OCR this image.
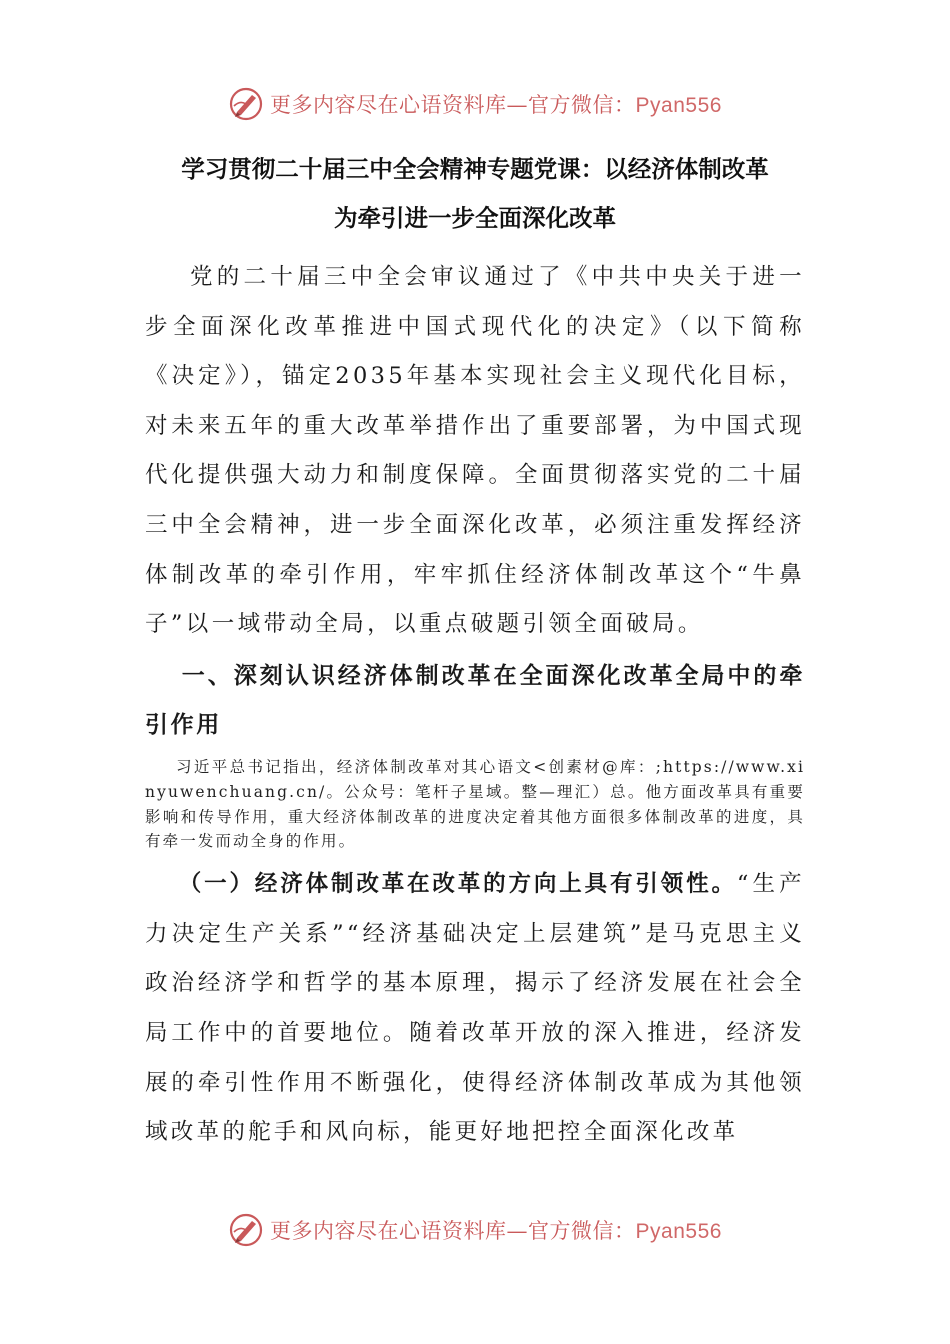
更多内容尽在心语资料库—官方微信：Pyan556
学习贯彻二十届三中全会精神专题党课：以经济体制改革
为牵引进一步全面深化改革

党的二十届三中全会审议通过了《中共中央关于进一步全面深化改革推进中国式现代化的决定》（以下简称《决定》），锚定2035年基本实现社会主义现代化目标，对未来五年的重大改革举措作出了重要部署，为中国式现代化提供强大动力和制度保障。全面贯彻落实党的二十届三中全会精神，进一步全面深化改革，必须注重发挥经济体制改革的牵引作用，牢牢抓住经济体制改革这个“牛鼻子”以一域带动全局，以重点破题引领全面破局。

一、深刻认识经济体制改革在全面深化改革全局中的牵引作用

习近平总书记指出，经济体制改革对其心语文<创素材@库：;https://www.xinyuwenchuang.cn/。公众号：笔杆子星域。整—理汇）总。他方面改革具有重要影响和传导作用，重大经济体制改革的进度决定着其他方面很多体制改革的进度，具有牵一发而动全身的作用。

（一）经济体制改革在改革的方向上具有引领性。“生产力决定生产关系”“经济基础决定上层建筑”是马克思主义政治经济学和哲学的基本原理，揭示了经济发展在社会全局工作中的首要地位。随着改革开放的深入推进，经济发展的牵引性作用不断强化，使得经济体制改革成为其他领域改革的舵手和风向标，能更好地把控全面深化改革

更多内容尽在心语资料库—官方微信：Pyan556
